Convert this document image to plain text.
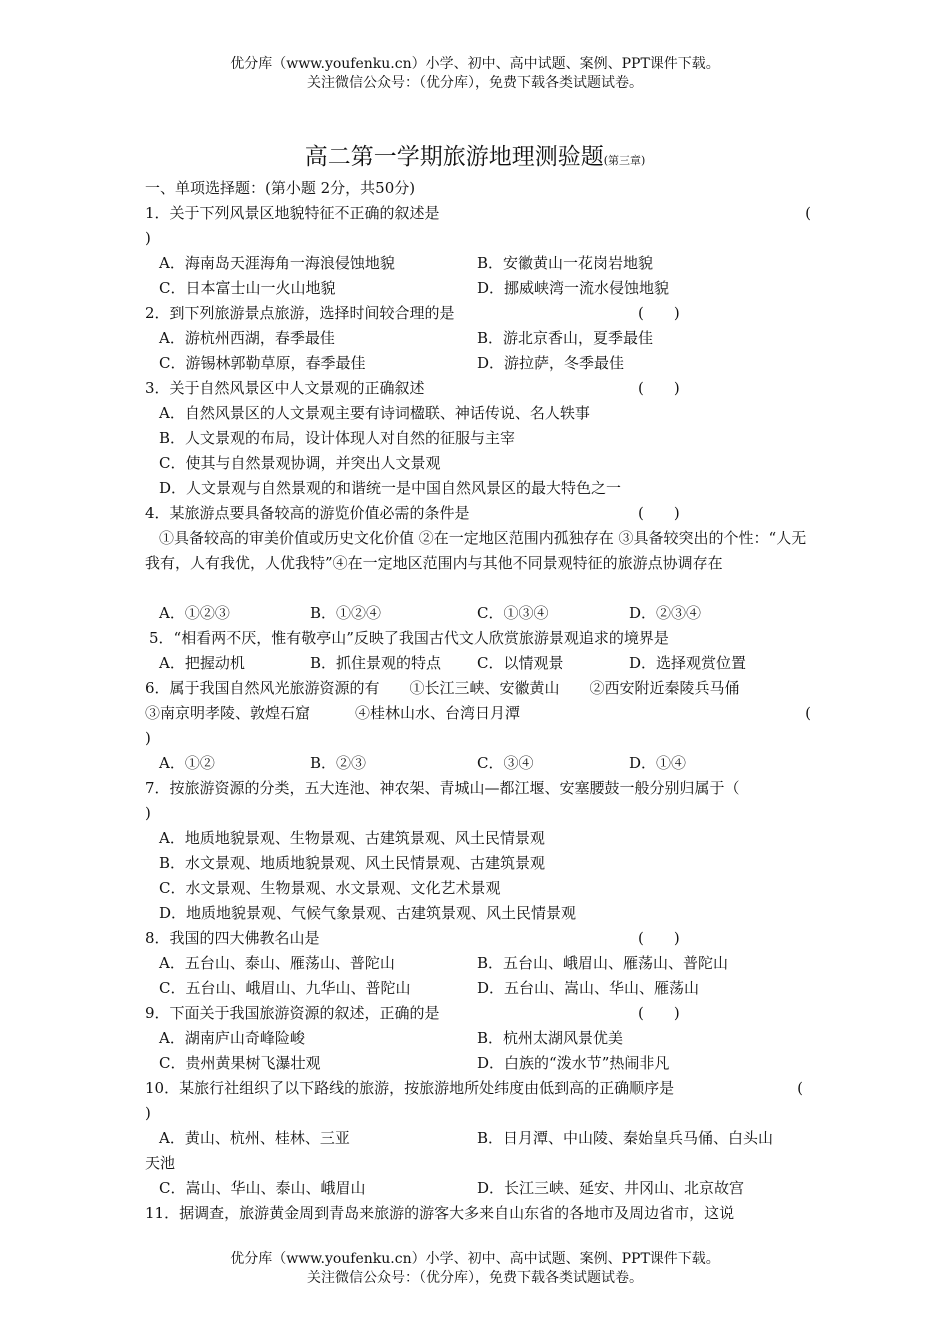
优分库（www.youfenku.cn）小学、初中、高中试题、案例、PPT课件下载。
关注微信公众号：（优分库），免费下载各类试题试卷。
高二第一学期旅游地理测验题(第三章)
一、单项选择题：(第小题 2分，共50分)
1．关于下列风景区地貌特征不正确的叙述是	(
)
A．海南岛天涯海角一海浪侵蚀地貌	B．安徽黄山一花岗岩地貌
C．日本富士山一火山地貌	D．挪威峡湾一流水侵蚀地貌
2．到下列旅游景点旅游，选择时间较合理的是	(　　)
A．游杭州西湖，春季最佳	B．游北京香山，夏季最佳
C．游锡林郭勒草原，春季最佳	D．游拉萨，冬季最佳
3．关于自然风景区中人文景观的正确叙述	(　　)
A．自然风景区的人文景观主要有诗词楹联、神话传说、名人轶事
B．人文景观的布局，设计体现人对自然的征服与主宰
C．使其与自然景观协调，并突出人文景观
D．人文景观与自然景观的和谐统一是中国自然风景区的最大特色之一
4．某旅游点要具备较高的游览价值必需的条件是	(　　)
①具备较高的审美价值或历史文化价值 ②在一定地区范围内孤独存在 ③具备较突出的个性：“人无我有，人有我优，人优我特”④在一定地区范围内与其他不同景观特征的旅游点协调存在
A．①②③	B．①②④	C．①③④	D．②③④
5．“相看两不厌，惟有敬亭山”反映了我国古代文人欣赏旅游景观追求的境界是
A．把握动机	B．抓住景观的特点 C．以情观景	D．选择观赏位置
6．属于我国自然风光旅游资源的有　　①长江三峡、安徽黄山　　②西安附近秦陵兵马俑
③南京明孝陵、敦煌石窟　　　④桂林山水、台湾日月潭	(
)
A．①②	B．②③	C．③④	D．①④
7．按旅游资源的分类，五大连池、神农架、青城山—都江堰、安塞腰鼓一般分别归属于（
)
A．地质地貌景观、生物景观、古建筑景观、风土民情景观
B．水文景观、地质地貌景观、风土民情景观、古建筑景观
C．水文景观、生物景观、水文景观、文化艺术景观
D．地质地貌景观、气候气象景观、古建筑景观、风土民情景观
8．我国的四大佛教名山是	(　　)
A．五台山、泰山、雁荡山、普陀山	B．五台山、峨眉山、雁荡山、普陀山
C．五台山、峨眉山、九华山、普陀山	D．五台山、嵩山、华山、雁荡山
9．下面关于我国旅游资源的叙述，正确的是	(　　)
A．湖南庐山奇峰险峻	B．杭州太湖风景优美
C．贵州黄果树飞瀑壮观	D．白族的“泼水节”热闹非凡
10．某旅行社组织了以下路线的旅游，按旅游地所处纬度由低到高的正确顺序是	(
)
A．黄山、杭州、桂林、三亚	B．日月潭、中山陵、秦始皇兵马俑、白头山
天池
C．嵩山、华山、泰山、峨眉山	D．长江三峡、延安、井冈山、北京故宫
11．据调查，旅游黄金周到青岛来旅游的游客大多来自山东省的各地市及周边省市，这说
优分库（www.youfenku.cn）小学、初中、高中试题、案例、PPT课件下载。
关注微信公众号：（优分库），免费下载各类试题试卷。
